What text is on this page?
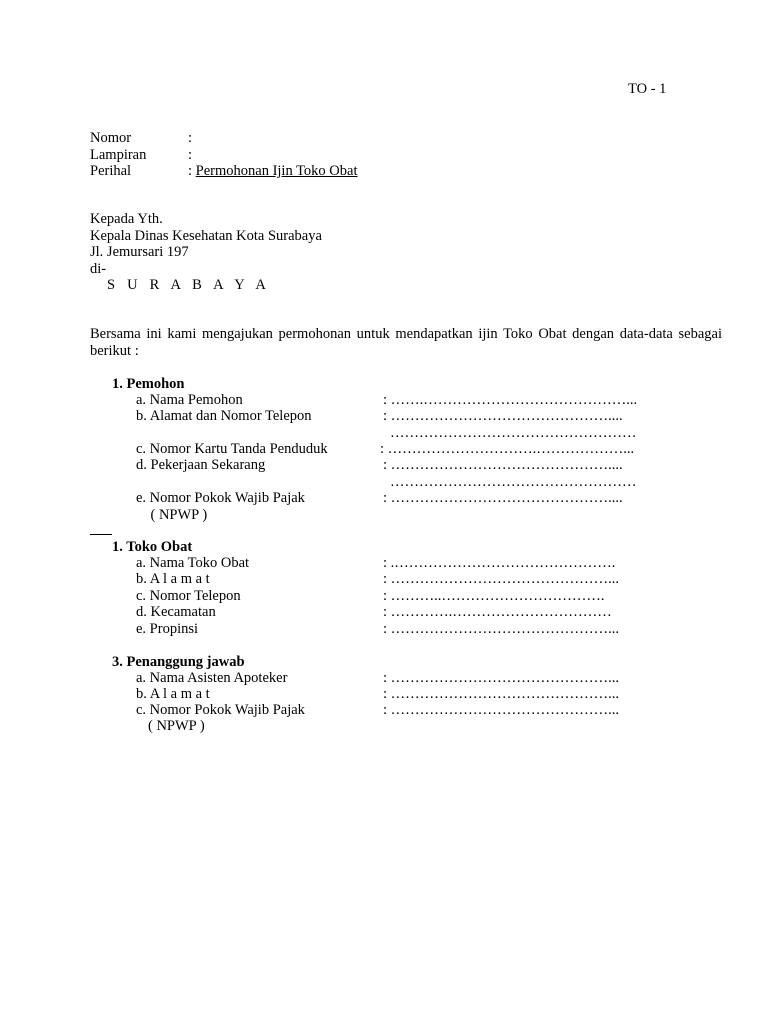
TO - 1
Nomor	:
Lampiran	:
Perihal	: Permohonan Ijin Toko Obat
Kepada Yth.
Kepala Dinas Kesehatan Kota Surabaya
Jl. Jemursari 197
di-
S U R A B A Y A
Bersama ini kami mengajukan permohonan untuk mendapatkan ijin Toko Obat dengan data-data sebagai berikut :
1. Pemohon
a. Nama Pemohon	: …….……………………………………...
b. Alamat dan Nomor Telepon	: ………………………………………....
……………………………………………
c. Nomor Kartu Tanda Penduduk	: ………………………….………………...
d. Pekerjaan Sekarang	: ………………………………………....
……………………………………………
e. Nomor Pokok Wajib Pajak	: ………………………………………....
( NPWP )
1. Toko Obat
a. Nama Toko Obat	: .……………………………………….
b. A l a m a t	: ………………………………………...
c. Nomor Telepon	: ………..…………………………….
d. Kecamatan	: ………….……………………………
e. Propinsi	: ………………………………………...
3. Penanggung jawab
a. Nama Asisten Apoteker	: ………………………………………...
b. A l a m a t	: ………………………………………...
c. Nomor Pokok Wajib Pajak	: ………………………………………...
( NPWP )
